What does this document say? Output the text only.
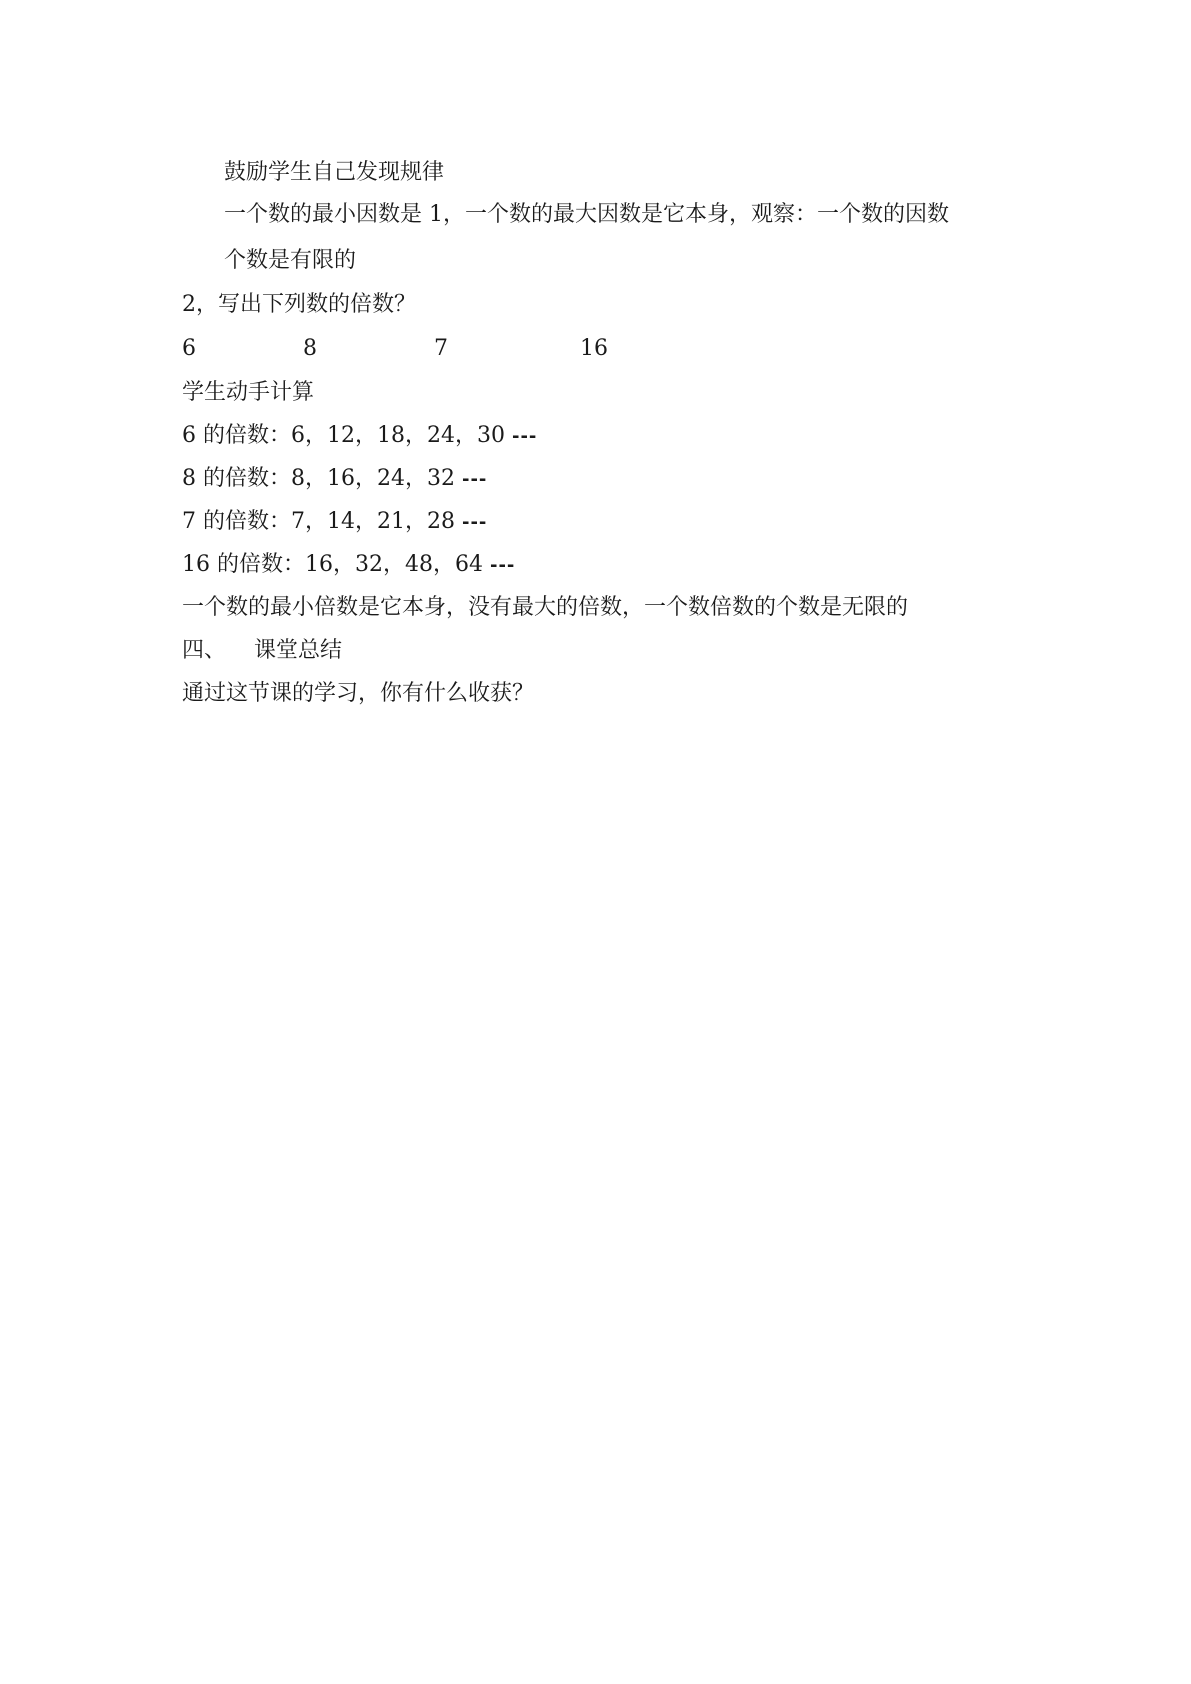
鼓励学生自己发现规律
一个数的最小因数是 1，一个数的最大因数是它本身，观察：一个数的因数
个数是有限的
2，写出下列数的倍数？
6	8	7	16
学生动手计算
6 的倍数：6，12，18，24，30 ---
8 的倍数：8，16，24，32 ---
7 的倍数：7，14，21，28 ---
16 的倍数：16，32，48，64 ---
一个数的最小倍数是它本身，没有最大的倍数，一个数倍数的个数是无限的
四、    课堂总结
通过这节课的学习，你有什么收获？
